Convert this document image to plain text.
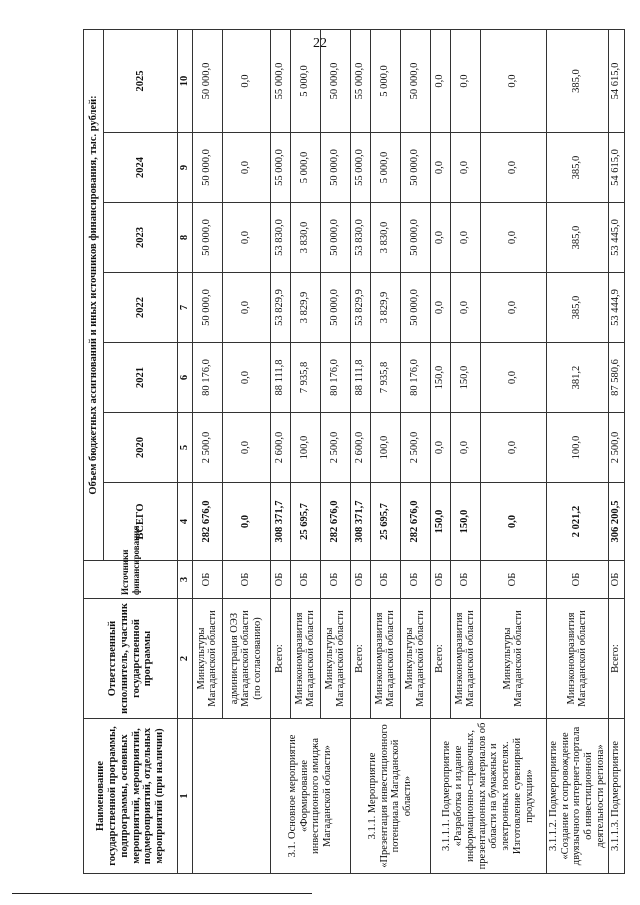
22
Наименование государственной программы, подпрограммы, основных мероприятий, мероприятий, подмероприятий, отдельных мероприятий (при наличии)	Ответственный исполнитель, участник государственной программы	Источники финансирования	Объем бюджетных ассигнований и иных источников финансирования, тыс. рублей:						
			ВСЕГО	2020	2021	2022	2023	2024	2025
1	2	3	4	5	6	7	8	9	10
	Минкультуры Магаданской области	ОБ	282 676,0	2 500,0	80 176,0	50 000,0	50 000,0	50 000,0	50 000,0
	администрация ОЭЗ Магаданской области (по согласованию)	ОБ	0,0	0,0	0,0	0,0	0,0	0,0	0,0
3.1. Основное мероприятие «Формирование инвестиционного имиджа Магаданской области»	Всего:	ОБ	308 371,7	2 600,0	88 111,8	53 829,9	53 830,0	55 000,0	55 000,0
	Минэкономразвития Магаданской области	ОБ	25 695,7	100,0	7 935,8	3 829,9	3 830,0	5 000,0	5 000,0
	Минкультуры Магаданской области	ОБ	282 676,0	2 500,0	80 176,0	50 000,0	50 000,0	50 000,0	50 000,0
3.1.1. Мероприятие «Презентация инвестиционного потенциала Магаданской области»	Всего:	ОБ	308 371,7	2 600,0	88 111,8	53 829,9	53 830,0	55 000,0	55 000,0
	Минэкономразвития Магаданской области	ОБ	25 695,7	100,0	7 935,8	3 829,9	3 830,0	5 000,0	5 000,0
	Минкультуры Магаданской области	ОБ	282 676,0	2 500,0	80 176,0	50 000,0	50 000,0	50 000,0	50 000,0
3.1.1.1. Подмероприятие «Разработка и издание информационно-справочных, презентационных материалов об области на бумажных и электронных носителях. Изготовление сувенирной продукции»	Всего:	ОБ	150,0	0,0	150,0	0,0	0,0	0,0	0,0
	Минэкономразвития Магаданской области	ОБ	150,0	0,0	150,0	0,0	0,0	0,0	0,0
	Минкультуры Магаданской области	ОБ	0,0	0,0	0,0	0,0	0,0	0,0	0,0
3.1.1.2. Подмероприятие «Создание и сопровождение двуязычного интернет-портала об инвестиционной деятельности региона»	Минэкономразвития Магаданской области	ОБ	2 021,2	100,0	381,2	385,0	385,0	385,0	385,0
3.1.1.3. Подмероприятие	Всего:	ОБ	306 200,5	2 500,0	87 580,6	53 444,9	53 445,0	54 615,0	54 615,0
